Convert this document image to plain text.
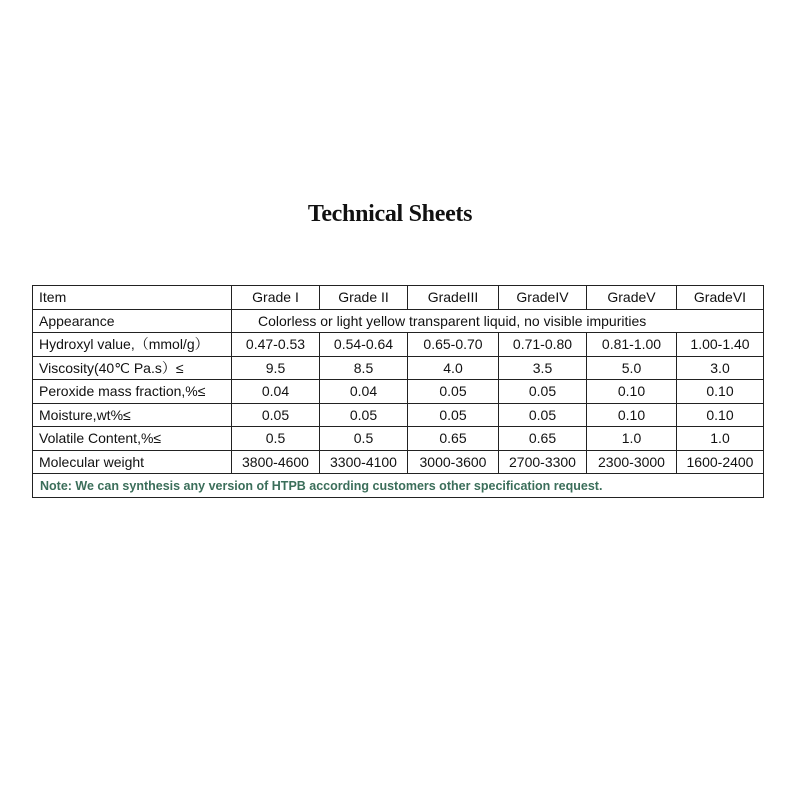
Technical Sheets
Item	Grade I	Grade II	GradeIII	GradeIV	GradeV	GradeVI
Appearance	Colorless or light yellow transparent liquid, no visible impurities					
Hydroxyl value,（mmol/g）	0.47-0.53	0.54-0.64	0.65-0.70	0.71-0.80	0.81-1.00	1.00-1.40
Viscosity(40℃ Pa.s）≤	9.5	8.5	4.0	3.5	5.0	3.0
Peroxide mass fraction,%≤	0.04	0.04	0.05	0.05	0.10	0.10
Moisture,wt%≤	0.05	0.05	0.05	0.05	0.10	0.10
Volatile Content,%≤	0.5	0.5	0.65	0.65	1.0	1.0
Molecular weight	3800-4600	3300-4100	3000-3600	2700-3300	2300-3000	1600-2400
Note: We can synthesis any version of HTPB according customers other specification request.						
